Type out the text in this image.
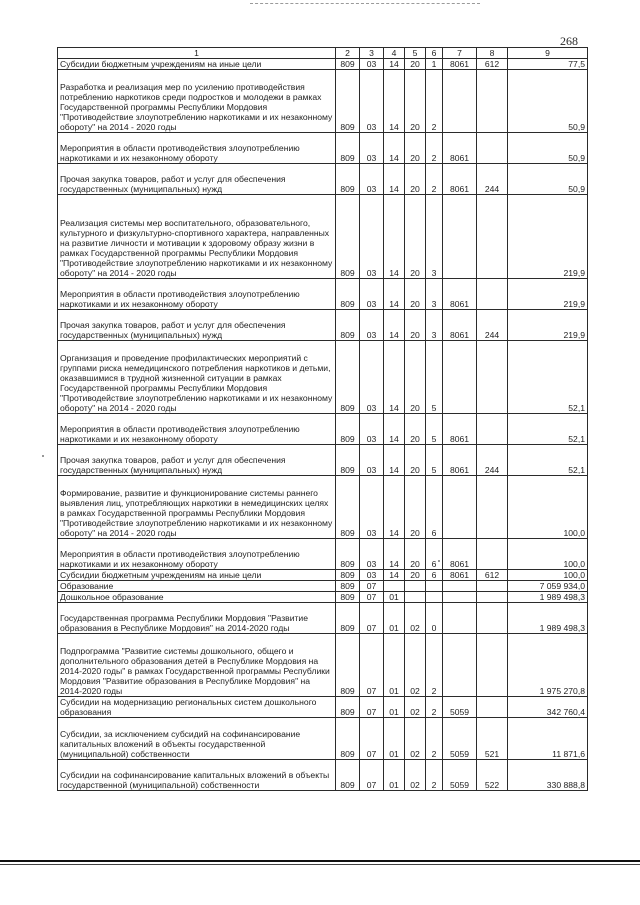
268
1	2	3	4	5	6	7	8	9
Субсидии бюджетным учреждениям на иные цели	809	03	14	20	1	8061	612	77,5
Разработка и реализация мер по усилению противодействия потреблению наркотиков среди подростков и молодежи в рамках Государственной программы Республики Мордовия "Противодействие злоупотреблению наркотиками и их незаконному обороту" на 2014 - 2020 годы	809	03	14	20	2			50,9
Мероприятия в области противодействия злоупотреблению наркотиками и их незаконному обороту	809	03	14	20	2	8061		50,9
Прочая закупка товаров, работ и услуг для обеспечения государственных (муниципальных) нужд	809	03	14	20	2	8061	244	50,9
Реализация системы мер воспитательного, образовательного, культурного и физкультурно-спортивного характера, направленных на развитие личности и мотивации к здоровому образу жизни в рамках Государственной программы Республики Мордовия "Противодействие злоупотреблению наркотиками и их незаконному обороту" на 2014 - 2020 годы	809	03	14	20	3			219,9
Мероприятия в области противодействия злоупотреблению наркотиками и их незаконному обороту	809	03	14	20	3	8061		219,9
Прочая закупка товаров, работ и услуг для обеспечения государственных (муниципальных) нужд	809	03	14	20	3	8061	244	219,9
Организация и проведение профилактических мероприятий с группами риска немедицинского потребления наркотиков и детьми, оказавшимися в трудной жизненной ситуации в рамках Государственной программы Республики Мордовия "Противодействие злоупотреблению наркотиками и их незаконному обороту" на 2014 - 2020 годы	809	03	14	20	5			52,1
Мероприятия в области противодействия злоупотреблению наркотиками и их незаконному обороту	809	03	14	20	5	8061		52,1
Прочая закупка товаров, работ и услуг для обеспечения государственных (муниципальных) нужд	809	03	14	20	5	8061	244	52,1
Формирование, развитие и функционирование системы раннего выявления лиц, употребляющих наркотики в немедицинских целях в рамках Государственной программы Республики Мордовия "Противодействие злоупотреблению наркотиками и их незаконному обороту" на 2014 - 2020 годы	809	03	14	20	6			100,0
Мероприятия в области противодействия злоупотреблению наркотиками и их незаконному обороту	809	03	14	20	6	8061		100,0
Субсидии бюджетным учреждениям на иные цели	809	03	14	20	6	8061	612	100,0
Образование	809	07						7 059 934,0
Дошкольное образование	809	07	01					1 989 498,3
Государственная программа Республики Мордовия "Развитие образования в Республике Мордовия" на 2014-2020 годы	809	07	01	02	0			1 989 498,3
Подпрограмма "Развитие системы дошкольного, общего и дополнительного образования детей в Республике Мордовия на 2014-2020 годы" в рамках Государственной программы Республики Мордовия "Развитие образования в Республике Мордовия" на 2014-2020 годы	809	07	01	02	2			1 975 270,8
Субсидии на модернизацию региональных систем дошкольного образования	809	07	01	02	2	5059		342 760,4
Субсидии, за исключением субсидий на софинансирование капитальных вложений в объекты государственной (муниципальной) собственности	809	07	01	02	2	5059	521	11 871,6
Субсидии на софинансирование капитальных вложений в объекты государственной (муниципальной) собственности	809	07	01	02	2	5059	522	330 888,8
